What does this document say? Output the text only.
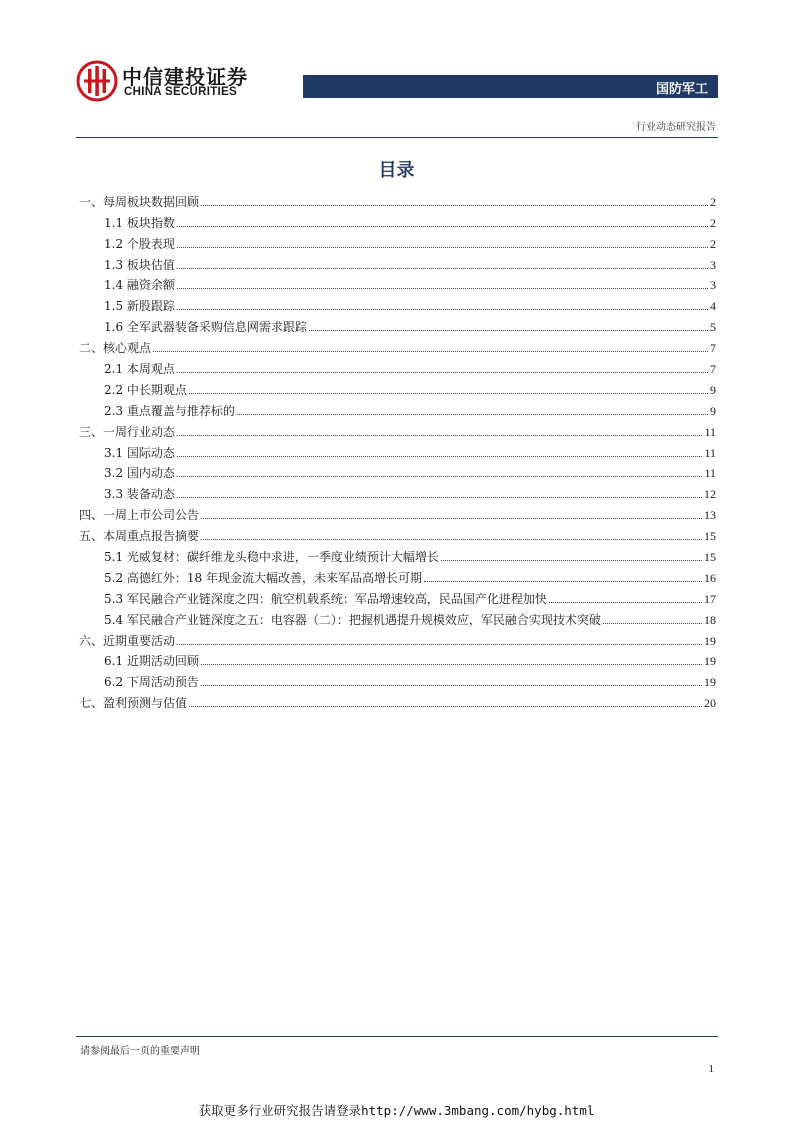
中信建投证券
CHINA SECURITIES	国防军工
行业动态研究报告
目录
一、每周板块数据回顾	2
1.1 板块指数	2
1.2 个股表现	2
1.3 板块估值	3
1.4 融资余额	3
1.5 新股跟踪	4
1.6 全军武器装备采购信息网需求跟踪	5
二、核心观点	7
2.1 本周观点	7
2.2 中长期观点	9
2.3 重点覆盖与推荐标的	9
三、一周行业动态	11
3.1 国际动态	11
3.2 国内动态	11
3.3 装备动态	12
四、一周上市公司公告	13
五、本周重点报告摘要	15
5.1 光威复材：碳纤维龙头稳中求进，一季度业绩预计大幅增长	15
5.2 高德红外：18 年现金流大幅改善，未来军品高增长可期	16
5.3 军民融合产业链深度之四：航空机载系统：军品增速较高，民品国产化进程加快	17
5.4 军民融合产业链深度之五：电容器（二）：把握机遇提升规模效应，军民融合实现技术突破	18
六、近期重要活动	19
6.1 近期活动回顾	19
6.2 下周活动预告	19
七、盈利预测与估值	20
请参阅最后一页的重要声明
1
获取更多行业研究报告请登录http://www.3mbang.com/hybg.html
